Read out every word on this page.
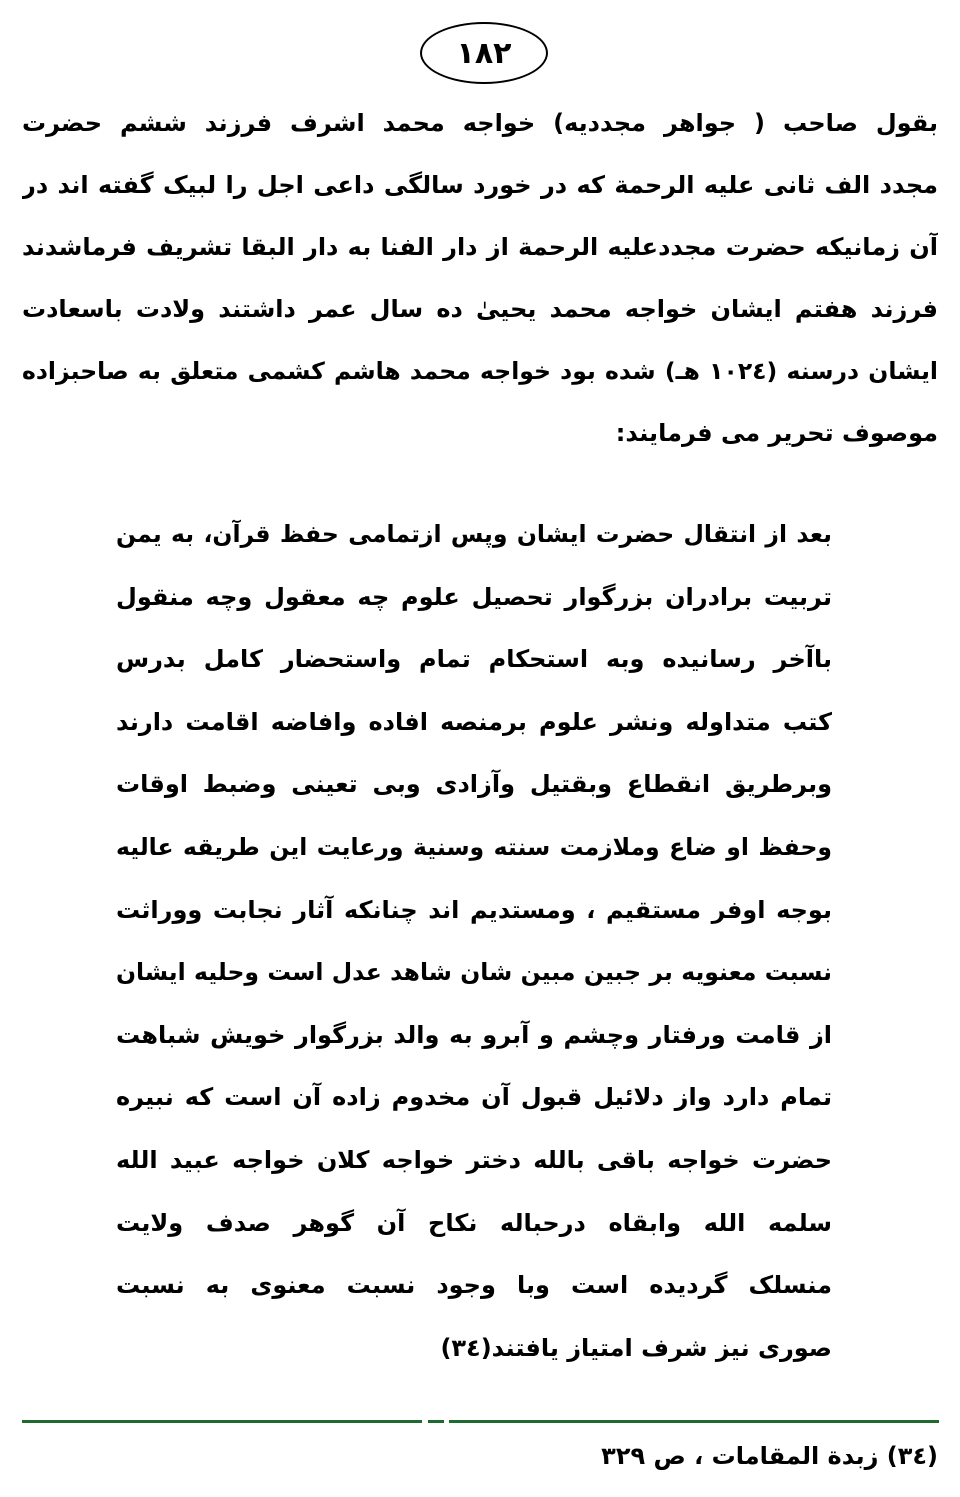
١٨٢
بقول صاحب ( جواهر مجددیه) خواجه محمد اشرف فرزند ششم حضرت
مجدد الف ثانی علیه الرحمة که در خورد سالگی داعی اجل را لبیک گفته اند در
آن زمانیکه حضرت مجددعلیه الرحمة از دار الفنا به دار البقا تشریف فرماشدند
فرزند هفتم ایشان خواجه محمد یحییٰ ده سال عمر داشتند ولادت باسعادت
ایشان درسنه (١٠٢٤ هـ) شده بود خواجه محمد هاشم کشمی متعلق به صاحبزاده
موصوف تحریر می فرمایند:
بعد از انتقال حضرت ایشان وپس ازتمامی حفظ قرآن، به یمن
تربیت برادران بزرگوار تحصیل علوم چه معقول وچه منقول
باآخر رسانیده وبه استحکام تمام واستحضار کامل بدرس
کتب متداوله ونشر علوم برمنصه افاده وافاضه اقامت دارند
وبرطریق انقطاع وبقتیل وآزادی وبی تعینی وضبط اوقات
وحفظ او ضاع وملازمت سنته وسنیة ورعایت این طریقه عالیه
بوجه اوفر مستقیم ، ومستدیم اند چنانکه آثار نجابت ووراثت
نسبت معنویه بر جبین مبین شان شاهد عدل است وحلیه ایشان
از قامت ورفتار وچشم و آبرو به والد بزرگوار خویش شباهت
تمام دارد واز دلائیل قبول آن مخدوم زاده آن است که نبیره
حضرت خواجه باقی بالله دختر خواجه کلان خواجه عبید الله
سلمه الله وابقاه درحباله نکاح آن گوهر صدف ولایت
منسلک گردیده است وبا وجود نسبت معنوی به نسبت
صوری نیز شرف امتیاز یافتند(٣٤)
(٣٤) زبدة المقامات ، ص ٣٢٩
